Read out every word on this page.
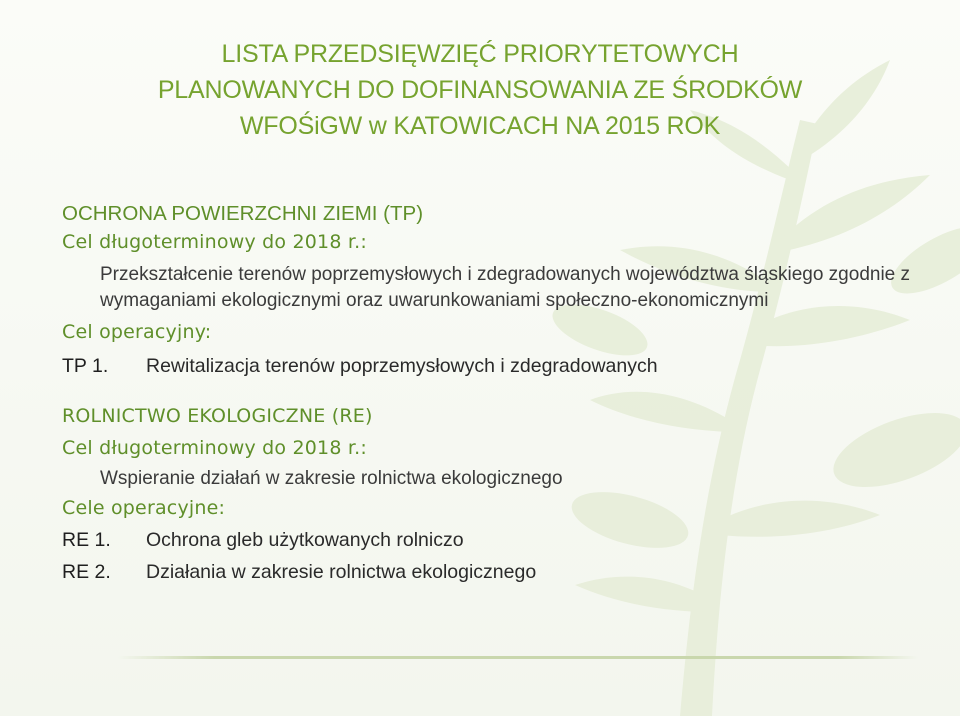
LISTA PRZEDSIĘWZIĘĆ PRIORYTETOWYCH
PLANOWANYCH DO DOFINANSOWANIA ZE ŚRODKÓW
WFOŚiGW w KATOWICACH NA 2015 ROK
OCHRONA POWIERZCHNI ZIEMI (TP)
Cel długoterminowy do 2018 r.:
Przekształcenie terenów poprzemysłowych i zdegradowanych województwa śląskiego zgodnie z wymaganiami ekologicznymi oraz uwarunkowaniami społeczno-ekonomicznymi
Cel operacyjny:
TP 1.	Rewitalizacja terenów poprzemysłowych i zdegradowanych
ROLNICTWO EKOLOGICZNE (RE)
Cel długoterminowy do 2018 r.:
Wspieranie działań w zakresie rolnictwa ekologicznego
Cele operacyjne:
RE 1.	Ochrona gleb użytkowanych rolniczo
RE 2.	Działania w zakresie rolnictwa ekologicznego
